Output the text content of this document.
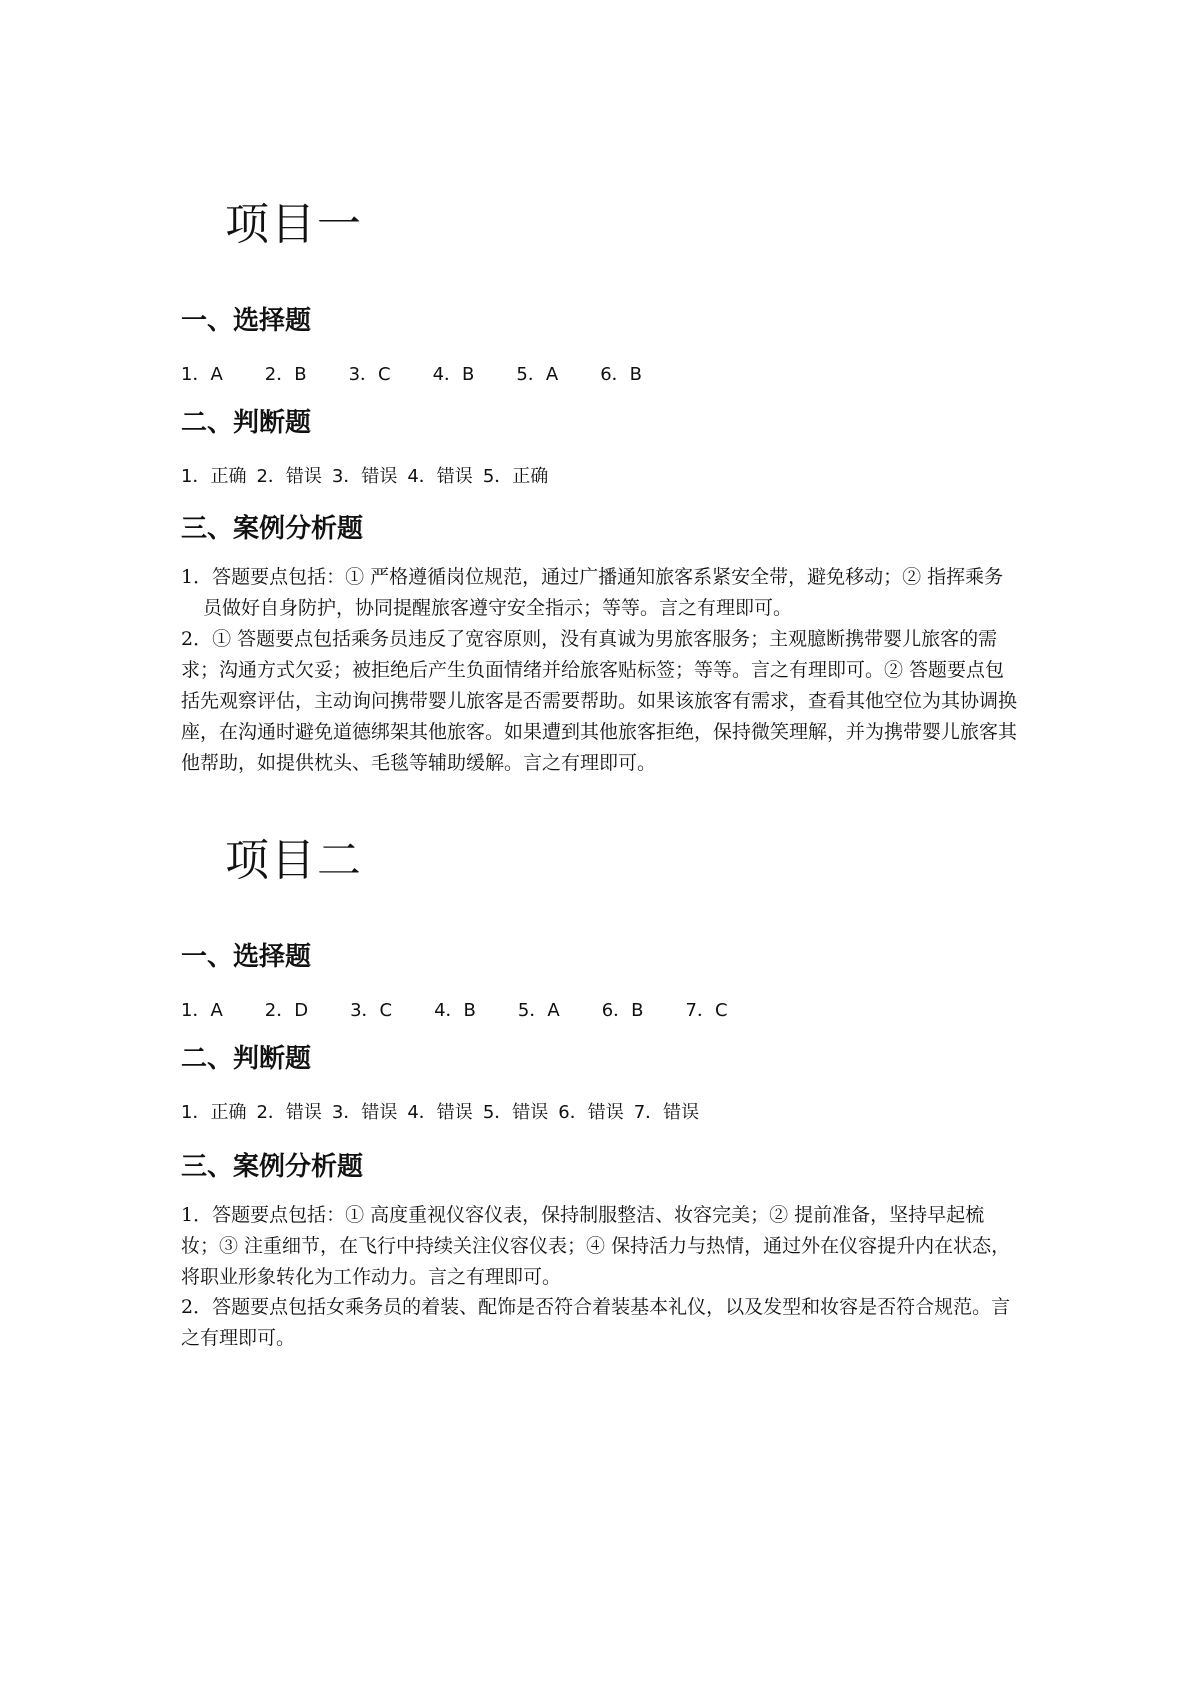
项目一
一、选择题
1．A 2．B 3．C 4．B 5．A 6．B
二、判断题
1．正确 2．错误 3．错误 4．错误 5．正确
三、案例分析题

1．答题要点包括：① 严格遵循岗位规范，通过广播通知旅客系紧安全带，避免移动；② 指挥乘务员做好自身防护，协同提醒旅客遵守安全指示；等等。言之有理即可。

2．① 答题要点包括乘务员违反了宽容原则，没有真诚为男旅客服务；主观臆断携带婴儿旅客的需求；沟通方式欠妥；被拒绝后产生负面情绪并给旅客贴标签；等等。言之有理即可。② 答题要点包括先观察评估，主动询问携带婴儿旅客是否需要帮助。如果该旅客有需求，查看其他空位为其协调换座，在沟通时避免道德绑架其他旅客。如果遭到其他旅客拒绝，保持微笑理解，并为携带婴儿旅客其他帮助，如提供枕头、毛毯等辅助缓解。言之有理即可。

项目二
一、选择题
1．A 2．D 3．C 4．B 5．A 6．B 7．C
二、判断题
1．正确 2．错误 3．错误 4．错误 5．错误 6．错误 7．错误
三、案例分析题

1．答题要点包括：① 高度重视仪容仪表，保持制服整洁、妆容完美；② 提前准备，坚持早起梳妆；③ 注重细节，在飞行中持续关注仪容仪表；④ 保持活力与热情，通过外在仪容提升内在状态，将职业形象转化为工作动力。言之有理即可。

2．答题要点包括女乘务员的着装、配饰是否符合着装基本礼仪，以及发型和妆容是否符合规范。言之有理即可。
